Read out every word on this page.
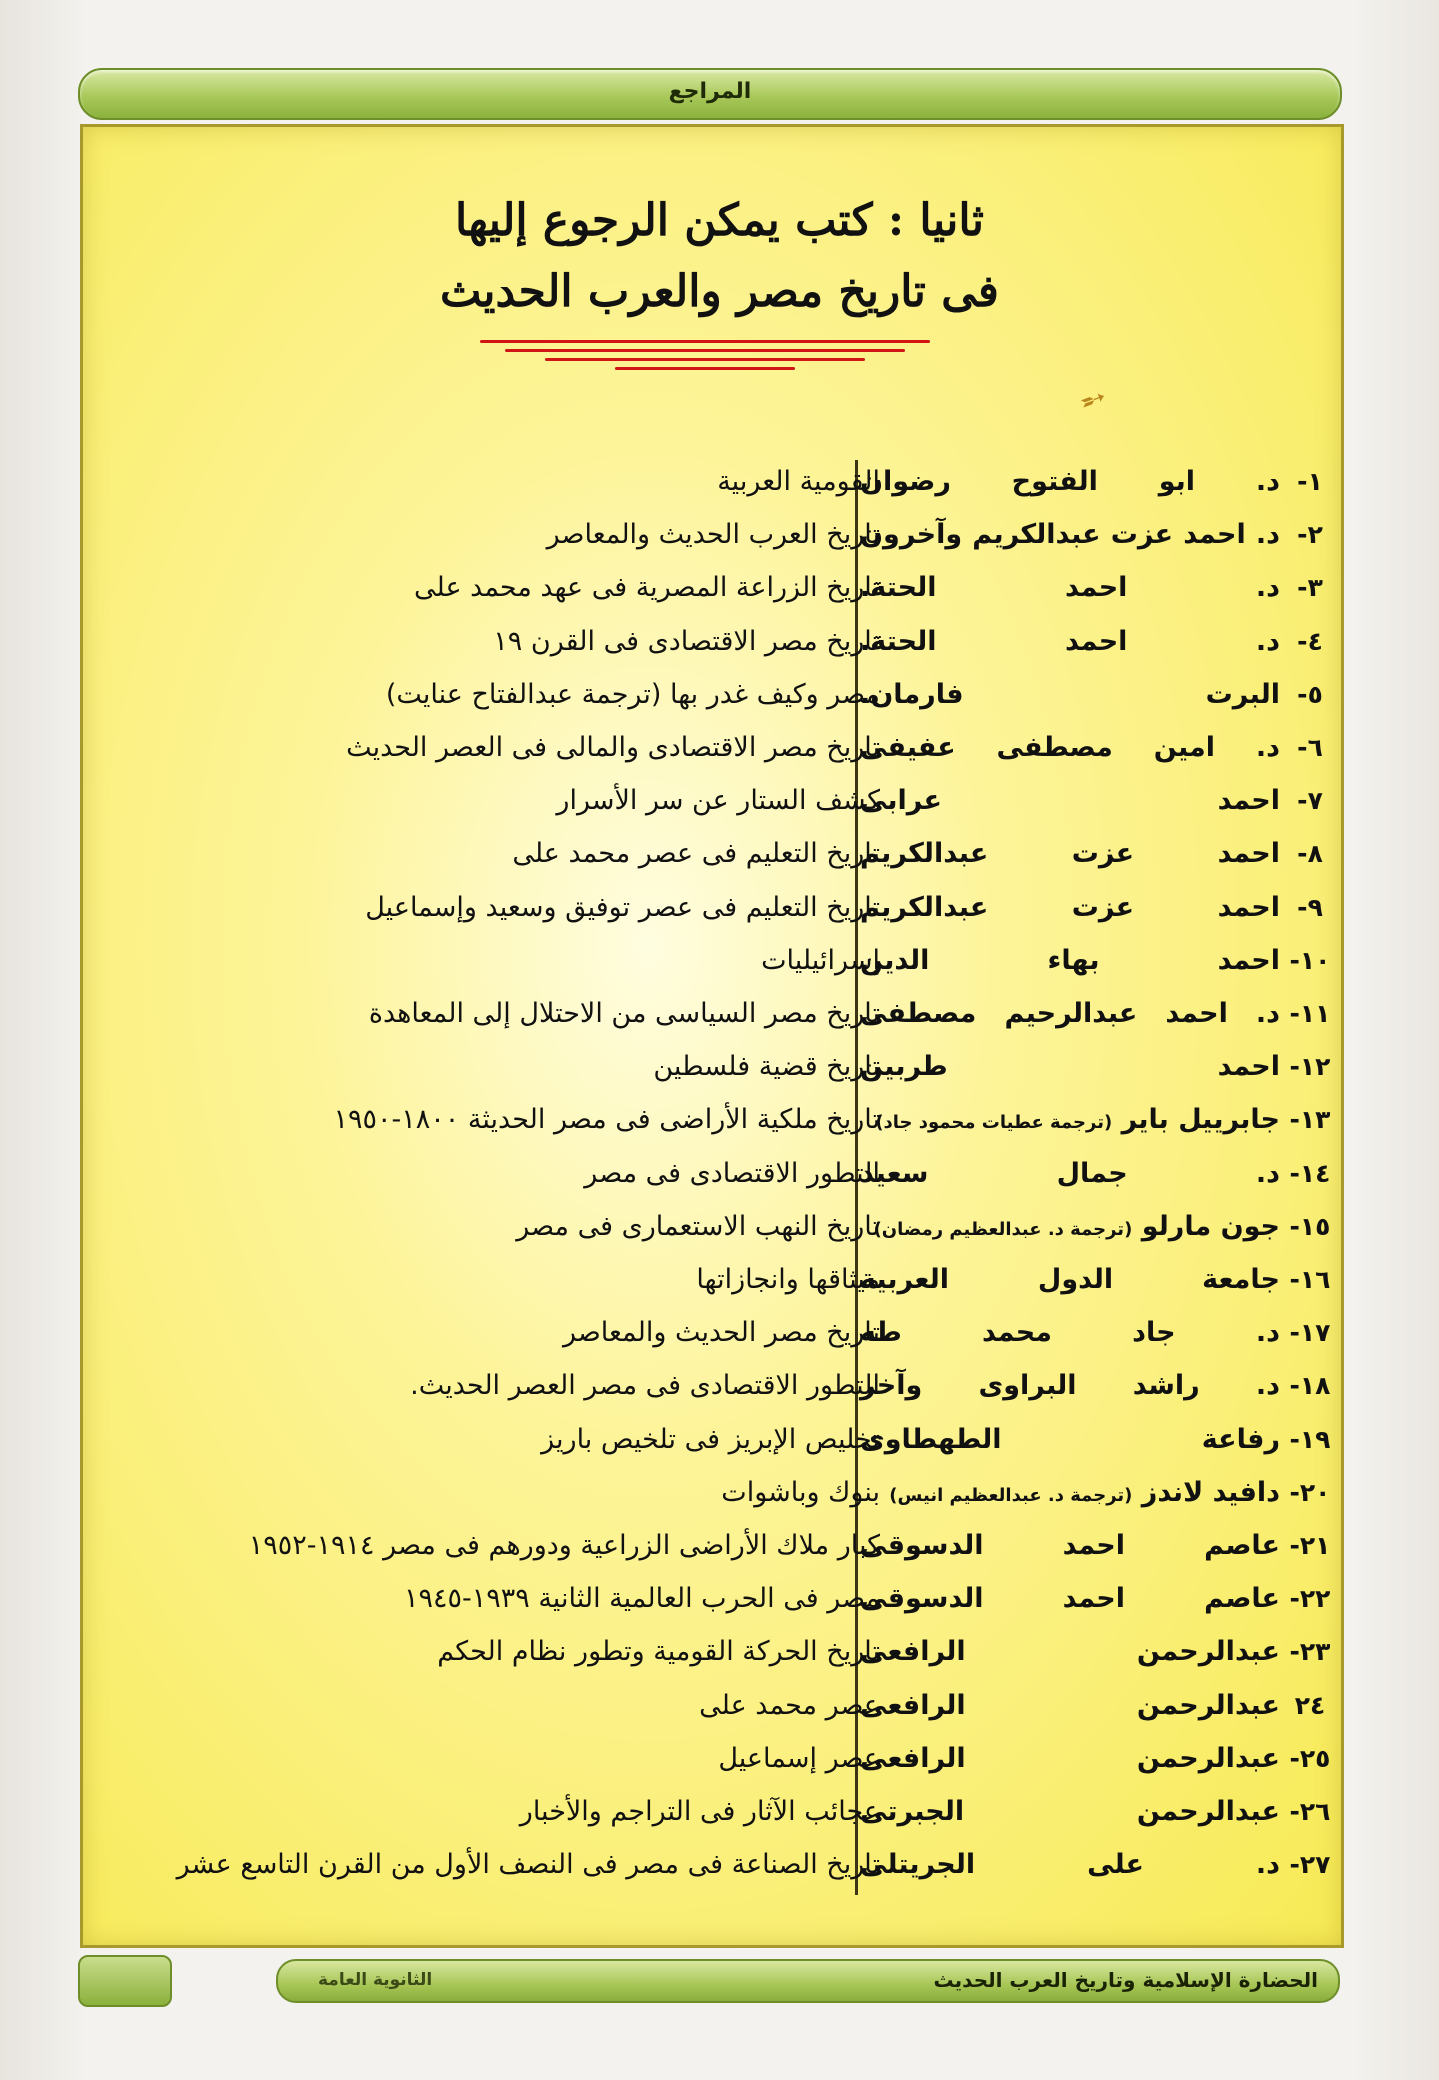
المراجع
ثانيا : كتب يمكن الرجوع إليها
فى تاريخ مصر والعرب الحديث
➶
١-
د. ابو الفتوح رضوان
القومية العربية
٢-
د. احمد عزت عبدالكريم وآخرون
تاريخ العرب الحديث والمعاصر
٣-
د. احمد الحتة.
تاريخ الزراعة المصرية فى عهد محمد على
٤-
د. احمد الحتة.
تاريخ مصر الاقتصادى فى القرن ١٩
٥-
البرت فارمان.
مصر وكيف غدر بها (ترجمة عبدالفتاح عنايت)
٦-
د. امين مصطفى عفيفى
تاريخ مصر الاقتصادى والمالى فى العصر الحديث
٧-
احمد عرابى
كشف الستار عن سر الأسرار
٨-
احمد عزت عبدالكريم
تاريخ التعليم فى عصر محمد على
٩-
احمد عزت عبدالكريم
تاريخ التعليم فى عصر توفيق وسعيد وإسماعيل
١٠-
احمد بهاء الدين
إسرائيليات
١١-
د. احمد عبدالرحيم مصطفى
تاريخ مصر السياسى من الاحتلال إلى المعاهدة
١٢-
احمد طربين
تاريخ قضية فلسطين
١٣-
جابرييل باير (ترجمة عطيات محمود جاد)
تاريخ ملكية الأراضى فى مصر الحديثة ١٨٠٠-١٩٥٠
١٤-
د. جمال سعيد
التطور الاقتصادى فى مصر
١٥-
جون مارلو (ترجمة د. عبدالعظيم رمضان)
تاريخ النهب الاستعمارى فى مصر
١٦-
جامعة الدول العربية
ميثاقها وانجازاتها
١٧-
د. جاد محمد طه
تاريخ مصر الحديث والمعاصر
١٨-
د. راشد البراوى وآخر
التطور الاقتصادى فى مصر العصر الحديث.
١٩-
رفاعة الطهطاوى
تخليص الإبريز فى تلخيص باريز
٢٠-
دافيد لاندز (ترجمة د. عبدالعظيم انيس)
بنوك وباشوات
٢١-
عاصم احمد الدسوقى
كبار ملاك الأراضى الزراعية ودورهم فى مصر ١٩١٤-١٩٥٢
٢٢-
عاصم احمد الدسوقى
مصر فى الحرب العالمية الثانية ١٩٣٩-١٩٤٥
٢٣-
عبدالرحمن الرافعى
تاريخ الحركة القومية وتطور نظام الحكم
٢٤
عبدالرحمن الرافعى
عصر محمد على
٢٥-
عبدالرحمن الرافعى
عصر إسماعيل
٢٦-
عبدالرحمن الجبرتى
عجائب الآثار فى التراجم والأخبار
٢٧-
د. على الجريتلى
تاريخ الصناعة فى مصر فى النصف الأول من القرن التاسع عشر
الحضارة الإسلامية وتاريخ العرب الحديث
الثانوية العامة
